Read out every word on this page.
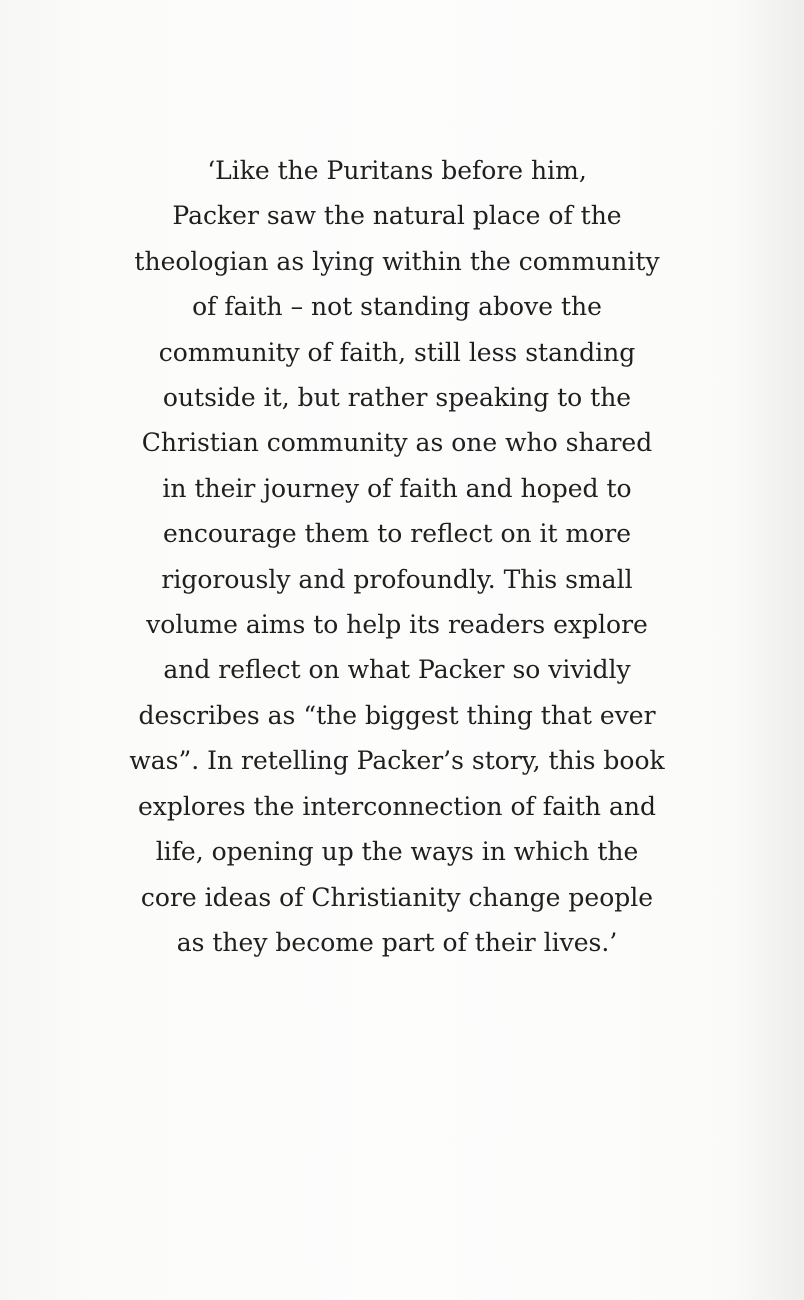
‘Like the Puritans before him,
Packer saw the natural place of the
theologian as lying within the community
of faith – not standing above the
community of faith, still less standing
outside it, but rather speaking to the
Christian community as one who shared
in their journey of faith and hoped to
encourage them to reflect on it more
rigorously and profoundly. This small
volume aims to help its readers explore
and reflect on what Packer so vividly
describes as “the biggest thing that ever
was”. In retelling Packer’s story, this book
explores the interconnection of faith and
life, opening up the ways in which the
core ideas of Christianity change people
as they become part of their lives.’
